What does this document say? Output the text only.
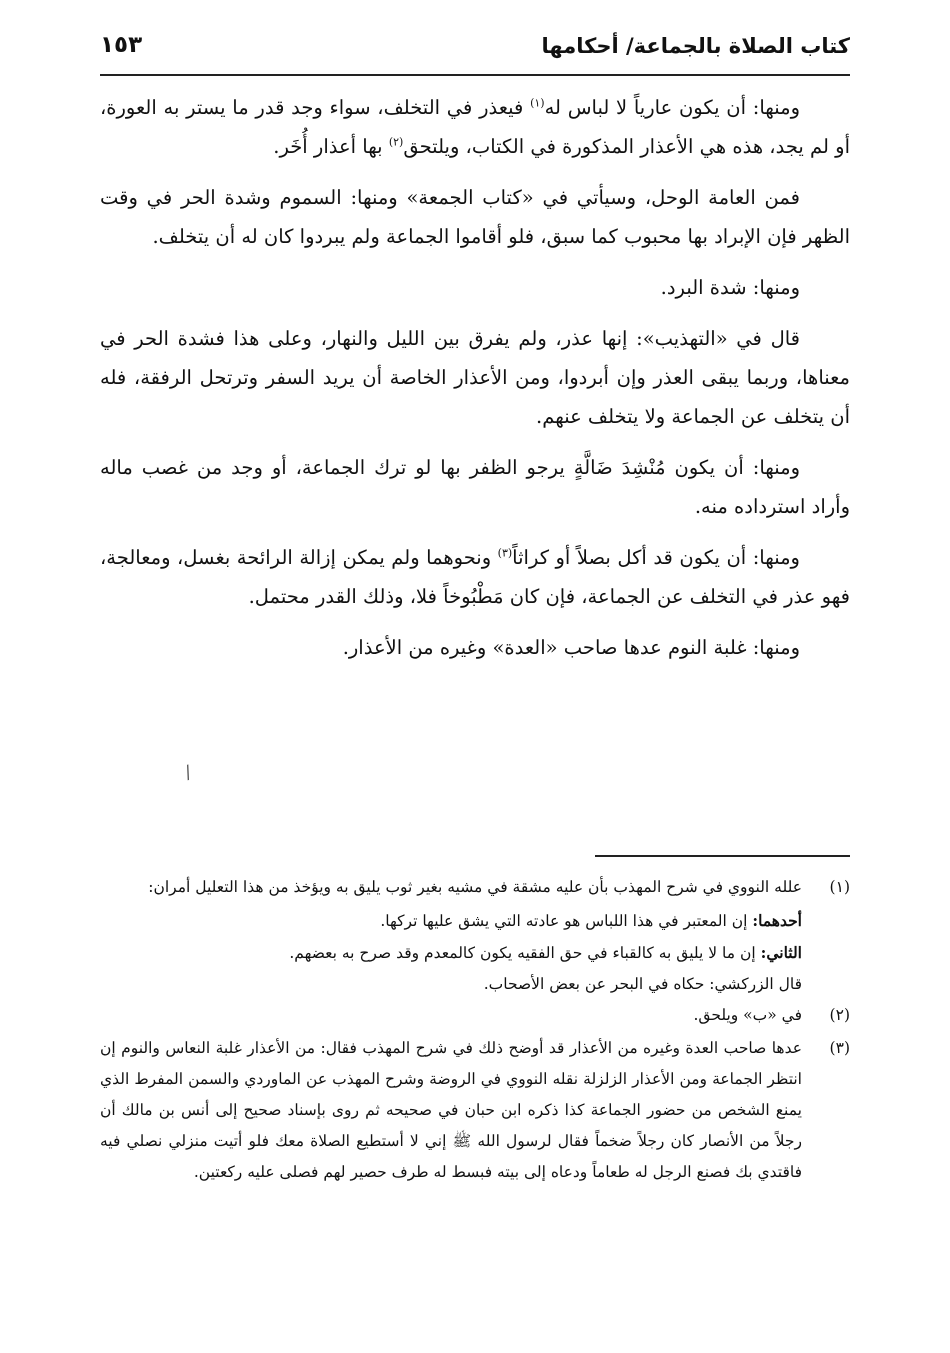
كتاب الصلاة بالجماعة/ أحكامها
١٥٣

ومنها: أن يكون عارياً لا لباس له$^{(١)}$ فيعذر في التخلف، سواء وجد قدر ما يستر به العورة، أو لم يجد، هذه هي الأعذار المذكورة في الكتاب، ويلتحق$^{(٢)}$ بها أعذار أُخَر.

فمن العامة الوحل، وسيأتي في «كتاب الجمعة» ومنها: السموم وشدة الحر في وقت الظهر فإن الإبراد بها محبوب كما سبق، فلو أقاموا الجماعة ولم يبردوا كان له أن يتخلف.

ومنها: شدة البرد.

قال في «التهذيب»: إنها عذر، ولم يفرق بين الليل والنهار، وعلى هذا فشدة الحر في معناها، وربما يبقى العذر وإن أبردوا، ومن الأعذار الخاصة أن يريد السفر وترتحل الرفقة، فله أن يتخلف عن الجماعة ولا يتخلف عنهم.

ومنها: أن يكون مُنْشِدَ ضَالَّةٍ يرجو الظفر بها لو ترك الجماعة، أو وجد من غصب ماله وأراد استرداده منه.

ومنها: أن يكون قد أكل بصلاً أو كراثاً$^{(٣)}$ ونحوهما ولم يمكن إزالة الرائحة بغسل، ومعالجة، فهو عذر في التخلف عن الجماعة، فإن كان مَطْبُوخاً فلا، وذلك القدر محتمل.

ومنها: غلبة النوم عدها صاحب «العدة» وغيره من الأعذار.

∕
(١)
علله النووي في شرح المهذب بأن عليه مشقة في مشيه بغير ثوب يليق به ويؤخذ من هذا التعليل أمران:
أحدهما: إن المعتبر في هذا اللباس هو عادته التي يشق عليها تركها.
الثاني: إن ما لا يليق به كالقباء في حق الفقيه يكون كالمعدم وقد صرح به بعضهم.
قال الزركشي: حكاه في البحر عن بعض الأصحاب.
(٢)
في «ب» ويلحق.
(٣)
عدها صاحب العدة وغيره من الأعذار قد أوضح ذلك في شرح المهذب فقال: من الأعذار غلبة النعاس والنوم إن انتظر الجماعة ومن الأعذار الزلزلة نقله النووي في الروضة وشرح المهذب عن الماوردي والسمن المفرط الذي يمنع الشخص من حضور الجماعة كذا ذكره ابن حبان في صحيحه ثم روى بإسناد صحيح إلى أنس بن مالك أن رجلاً من الأنصار كان رجلاً ضخماً فقال لرسول الله ﷺ إني لا أستطيع الصلاة معك فلو أتيت منزلي نصلي فيه فاقتدي بك فصنع الرجل له طعاماً ودعاه إلى بيته فبسط له طرف حصير لهم فصلى عليه ركعتين.
